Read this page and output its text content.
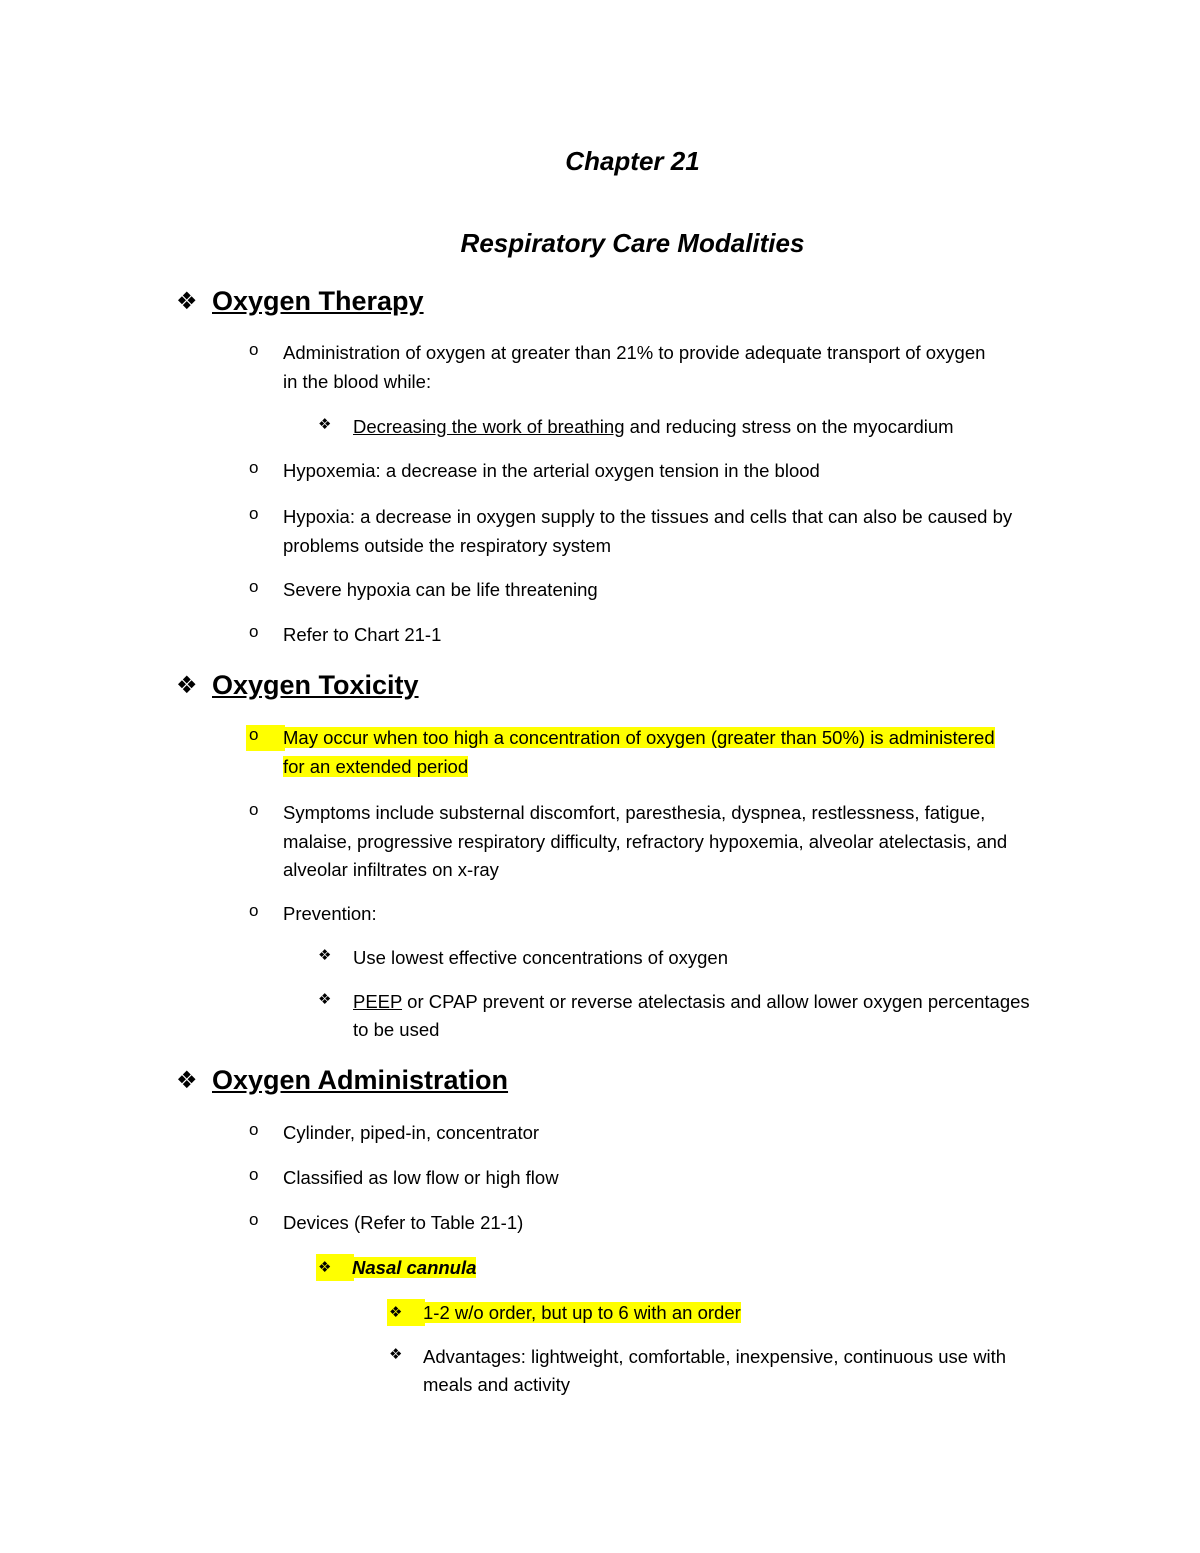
Chapter 21
Respiratory Care Modalities
❖ Oxygen Therapy
o	Administration of oxygen at greater than 21% to provide adequate transport of oxygen
in the blood while:
❖	Decreasing the work of breathing and reducing stress on the myocardium
o	Hypoxemia: a decrease in the arterial oxygen tension in the blood
o	Hypoxia: a decrease in oxygen supply to the tissues and cells that can also be caused by
problems outside the respiratory system
o	Severe hypoxia can be life threatening
o	Refer to Chart 21-1
❖ Oxygen Toxicity
o	May occur when too high a concentration of oxygen (greater than 50%) is administered
for an extended period
o	Symptoms include substernal discomfort, paresthesia, dyspnea, restlessness, fatigue,
malaise, progressive respiratory difficulty, refractory hypoxemia, alveolar atelectasis, and
alveolar infiltrates on x-ray
o	Prevention:
❖	Use lowest effective concentrations of oxygen
❖	PEEP or CPAP prevent or reverse atelectasis and allow lower oxygen percentages
to be used
❖ Oxygen Administration
o	Cylinder, piped-in, concentrator
o	Classified as low flow or high flow
o	Devices (Refer to Table 21-1)
❖	Nasal cannula
❖	1-2 w/o order, but up to 6 with an order
❖	Advantages: lightweight, comfortable, inexpensive, continuous use with
meals and activity
